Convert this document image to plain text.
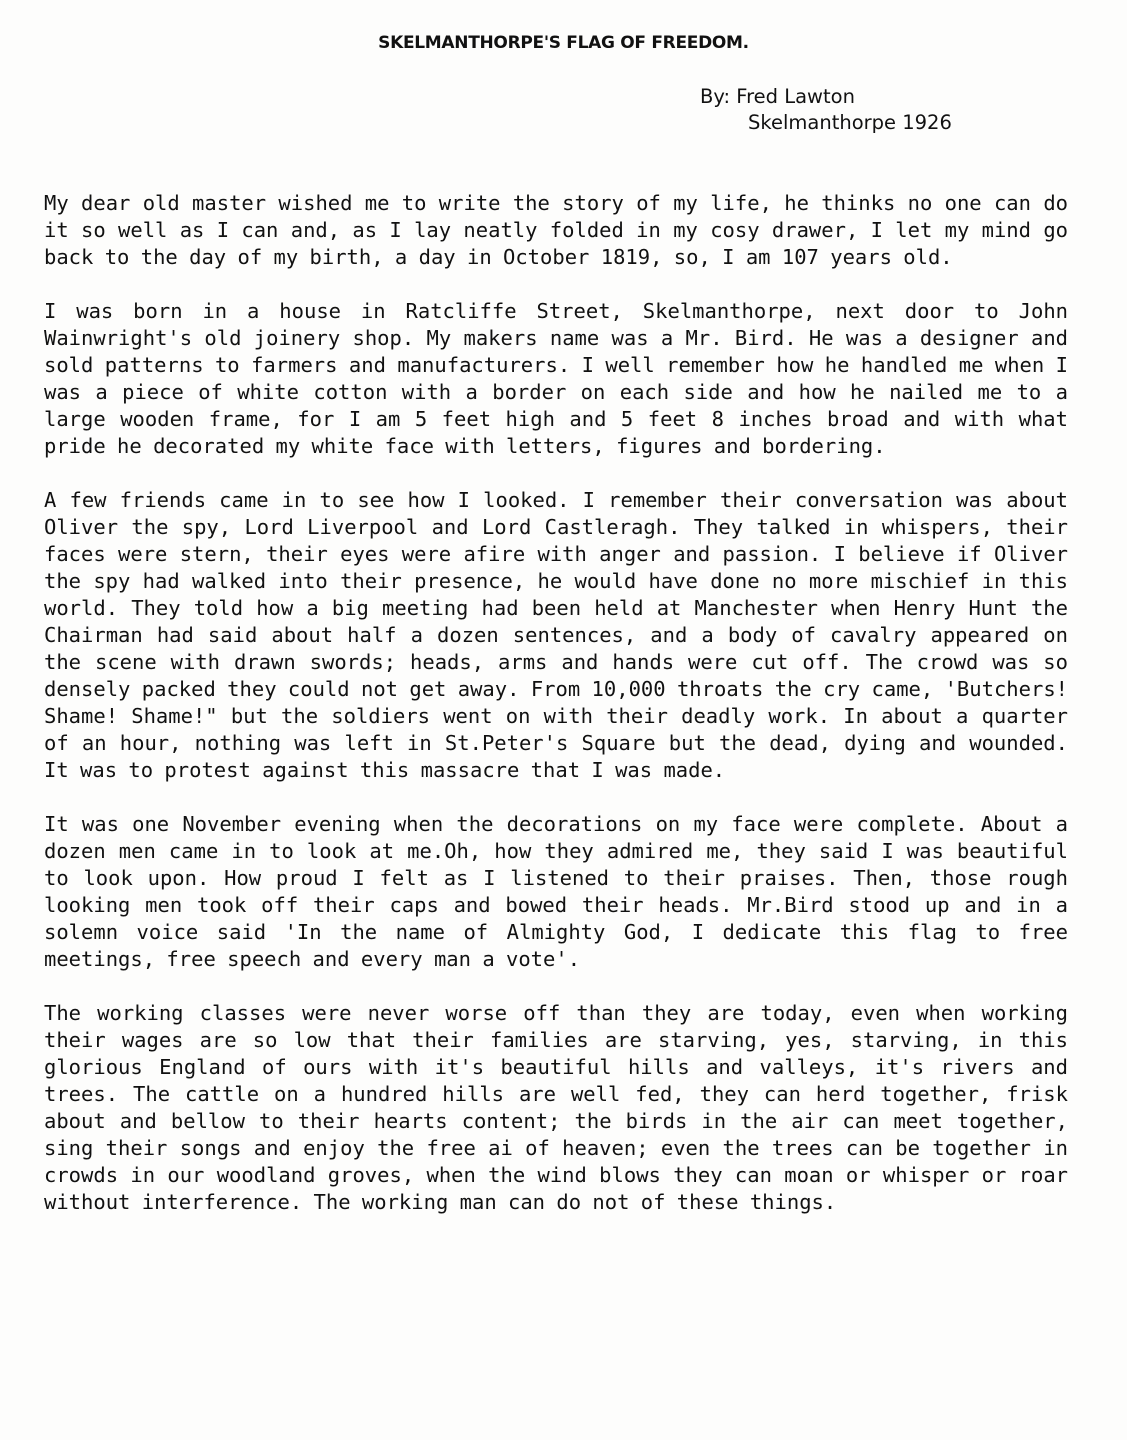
SKELMANTHORPE'S FLAG OF FREEDOM.
By: Fred Lawton
Skelmanthorpe 1926

My dear old master wished me to write the story of my life, he thinks no one can do it so well as I can and, as I lay neatly folded in my cosy drawer, I let my mind go back to the day of my birth, a day in October 1819, so, I am 107 years old.

I was born in a house in Ratcliffe Street, Skelmanthorpe, next door to John Wainwright's old joinery shop. My makers name was a Mr. Bird. He was a designer and sold patterns to farmers and manufacturers. I well remember how he handled me when I was a piece of white cotton with a border on each side and how he nailed me to a large wooden frame, for I am 5 feet high and 5 feet 8 inches broad and with what pride he decorated my white face with letters, figures and bordering.

A few friends came in to see how I looked. I remember their conversation was about Oliver the spy, Lord Liverpool and Lord Castleragh. They talked in whispers, their faces were stern, their eyes were afire with anger and passion. I believe if Oliver the spy had walked into their presence, he would have done no more mischief in this world. They told how a big meeting had been held at Manchester when Henry Hunt the Chairman had said about half a dozen sentences, and a body of cavalry appeared on the scene with drawn swords; heads, arms and hands were cut off. The crowd was so densely packed they could not get away. From 10,000 throats the cry came, 'Butchers! Shame! Shame!" but the soldiers went on with their deadly work. In about a quarter of an hour, nothing was left in St.Peter's Square but the dead, dying and wounded. It was to protest against this massacre that I was made.

It was one November evening when the decorations on my face were complete. About a dozen men came in to look at me.Oh, how they admired me, they said I was beautiful to look upon. How proud I felt as I listened to their praises. Then, those rough looking men took off their caps and bowed their heads. Mr.Bird stood up and in a solemn voice said 'In the name of Almighty God, I dedicate this flag to free meetings, free speech and every man a vote'.

The working classes were never worse off than they are today, even when working their wages are so low that their families are starving, yes, starving, in this glorious England of ours with it's beautiful hills and valleys, it's rivers and trees. The cattle on a hundred hills are well fed, they can herd together, frisk about and bellow to their hearts content; the birds in the air can meet together, sing their songs and enjoy the free ai of heaven; even the trees can be together in crowds in our woodland groves, when the wind blows they can moan or whisper or roar without interference. The working man can do not of these things.
